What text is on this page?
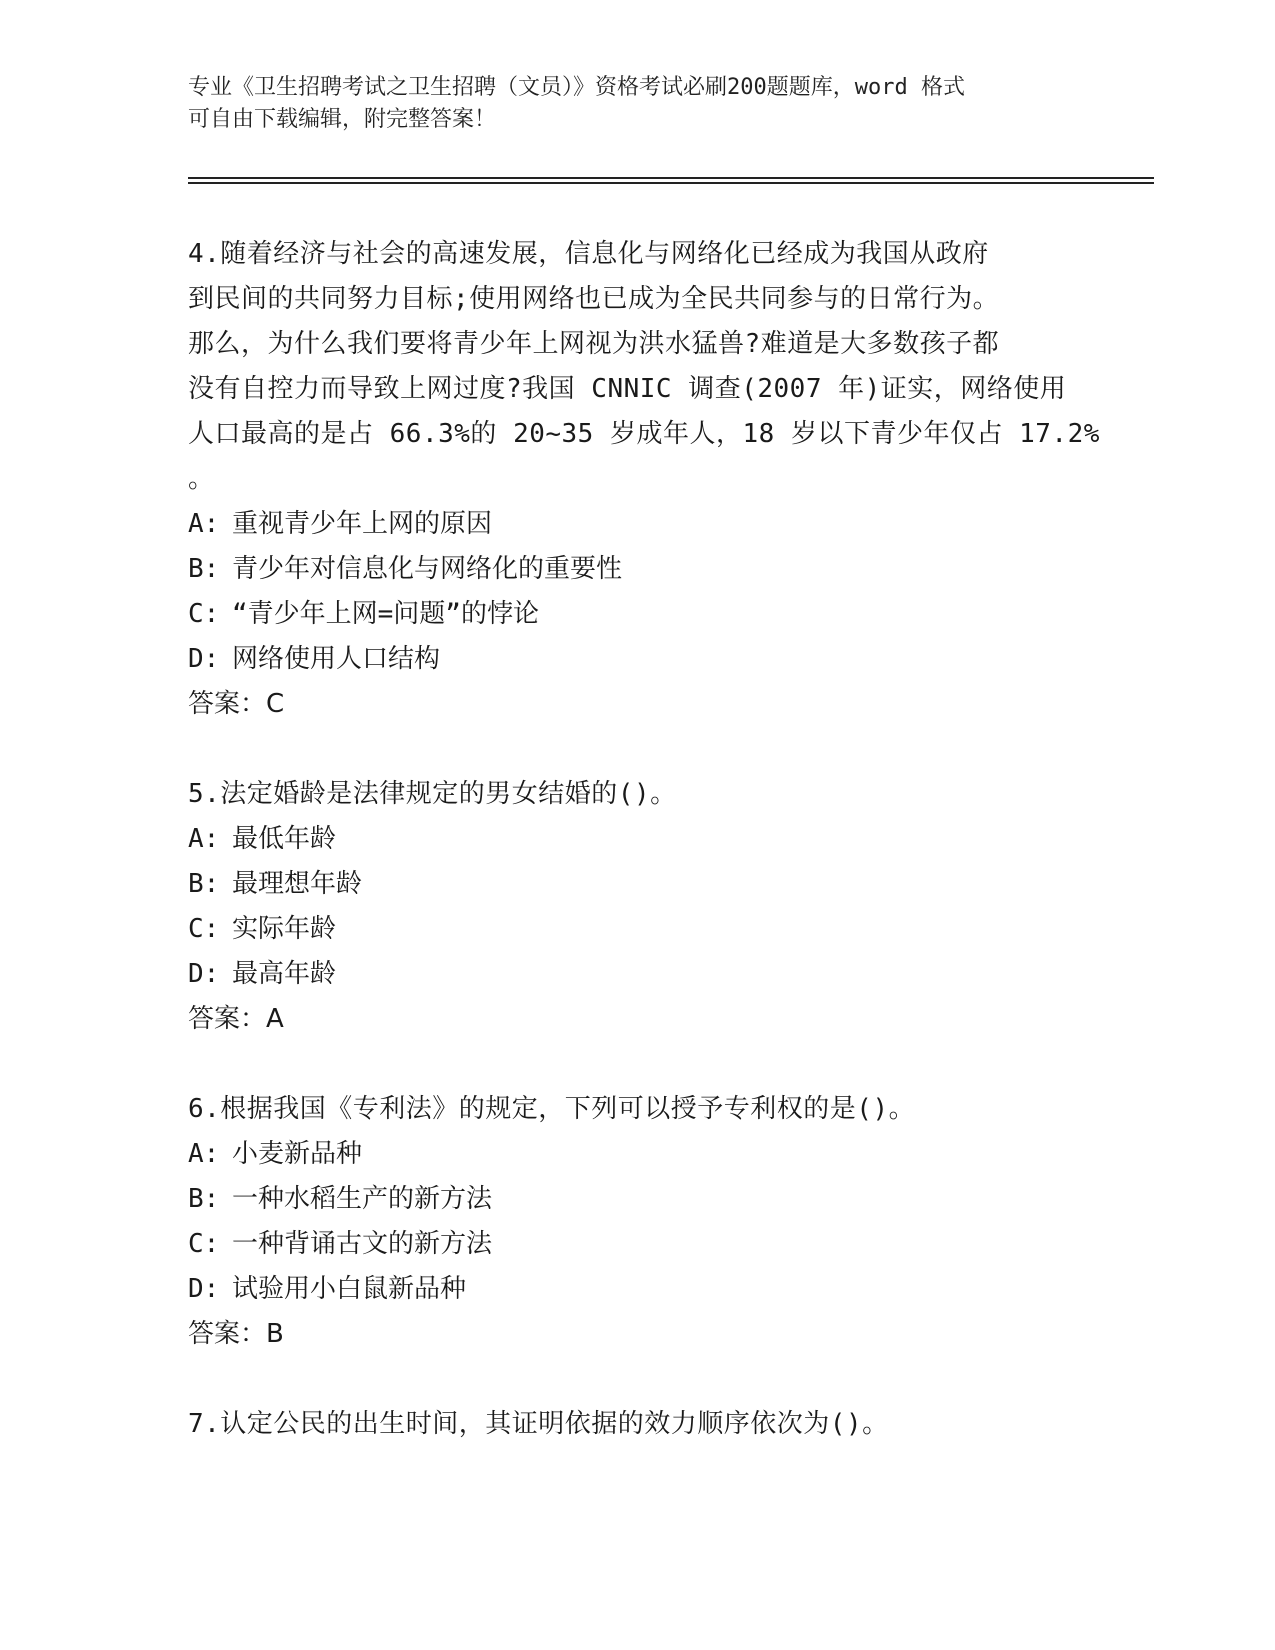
专业《卫生招聘考试之卫生招聘（文员）》资格考试必刷200题题库，word 格式
可自由下载编辑，附完整答案！
4.随着经济与社会的高速发展，信息化与网络化已经成为我国从政府
到民间的共同努力目标;使用网络也已成为全民共同参与的日常行为。
那么，为什么我们要将青少年上网视为洪水猛兽?难道是大多数孩子都
没有自控力而导致上网过度?我国 CNNIC 调查(2007 年)证实，网络使用
人口最高的是占 66.3%的 20~35 岁成年人，18 岁以下青少年仅占 17.2%
。
A: 重视青少年上网的原因
B: 青少年对信息化与网络化的重要性
C: “青少年上网=问题”的悖论
D: 网络使用人口结构
答案：C
5.法定婚龄是法律规定的男女结婚的()。
A: 最低年龄
B: 最理想年龄
C: 实际年龄
D: 最高年龄
答案：A
6.根据我国《专利法》的规定，下列可以授予专利权的是()。
A: 小麦新品种
B: 一种水稻生产的新方法
C: 一种背诵古文的新方法
D: 试验用小白鼠新品种
答案：B
7.认定公民的出生时间，其证明依据的效力顺序依次为()。
